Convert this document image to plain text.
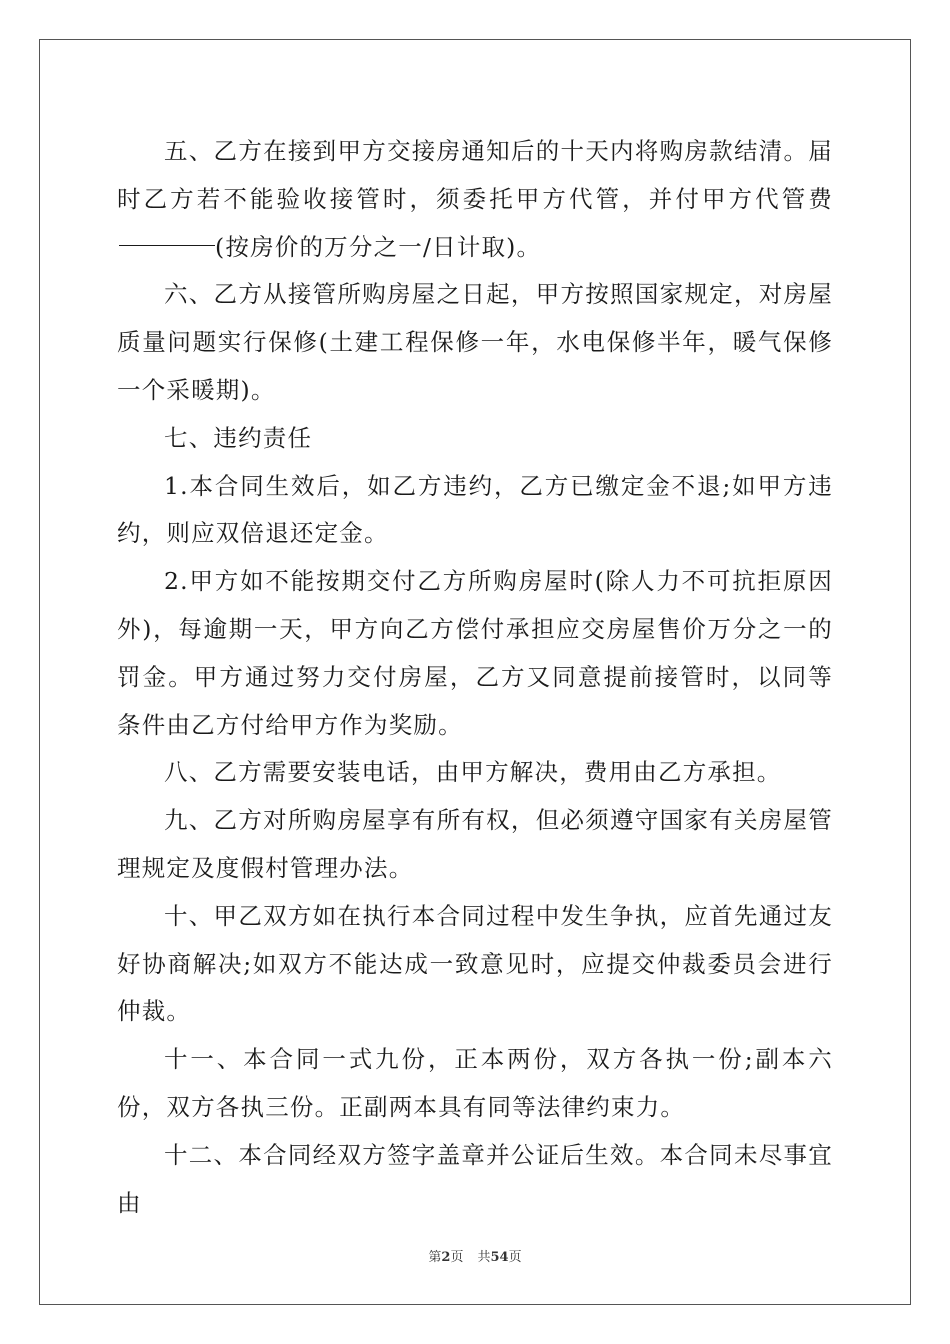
五、乙方在接到甲方交接房通知后的十天内将购房款结清。届时乙方若不能验收接管时，须委托甲方代管，并付甲方代管费(按房价的万分之一/日计取)。

六、乙方从接管所购房屋之日起，甲方按照国家规定，对房屋质量问题实行保修(土建工程保修一年，水电保修半年，暖气保修一个采暖期)。

七、违约责任

1.本合同生效后，如乙方违约，乙方已缴定金不退;如甲方违约，则应双倍退还定金。

2.甲方如不能按期交付乙方所购房屋时(除人力不可抗拒原因外)，每逾期一天，甲方向乙方偿付承担应交房屋售价万分之一的罚金。甲方通过努力交付房屋，乙方又同意提前接管时，以同等条件由乙方付给甲方作为奖励。

八、乙方需要安装电话，由甲方解决，费用由乙方承担。

九、乙方对所购房屋享有所有权，但必须遵守国家有关房屋管理规定及度假村管理办法。

十、甲乙双方如在执行本合同过程中发生争执，应首先通过友好协商解决;如双方不能达成一致意见时，应提交仲裁委员会进行仲裁。

十一、本合同一式九份，正本两份，双方各执一份;副本六份，双方各执三份。正副两本具有同等法律约束力。

十二、本合同经双方签字盖章并公证后生效。本合同未尽事宜由

第2页 共54页
